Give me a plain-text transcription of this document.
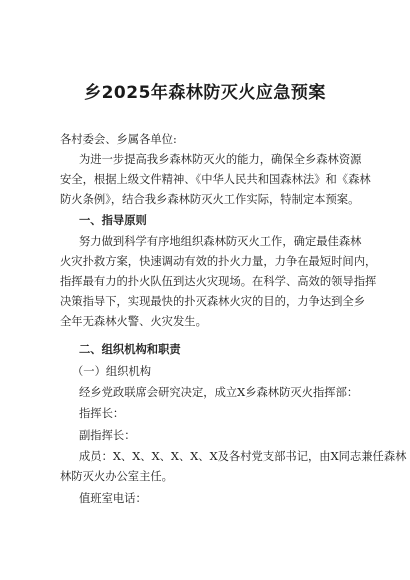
乡2025年森林防灭火应急预案
各村委会、乡属各单位:
为进一步提高我乡森林防灭火的能力，确保全乡森林资源
安全，根据上级文件精神、《中华人民共和国森林法》和《森林
防火条例》，结合我乡森林防灭火工作实际，特制定本预案。
一、指导原则
努力做到科学有序地组织森林防灭火工作，确定最佳森林
火灾扑救方案，快速调动有效的扑火力量，力争在最短时间内，
指挥最有力的扑火队伍到达火灾现场。在科学、高效的领导指挥
决策指导下，实现最快的扑灭森林火灾的目的，力争达到全乡
全年无森林火警、火灾发生。
二、组织机构和职责
（一）组织机构
经乡党政联席会研究决定，成立X乡森林防灭火指挥部：
指挥长：
副指挥长：
成员：X、X、X、X、X、X及各村党支部书记，由X同志兼任森林
林防灭火办公室主任。
值班室电话：
